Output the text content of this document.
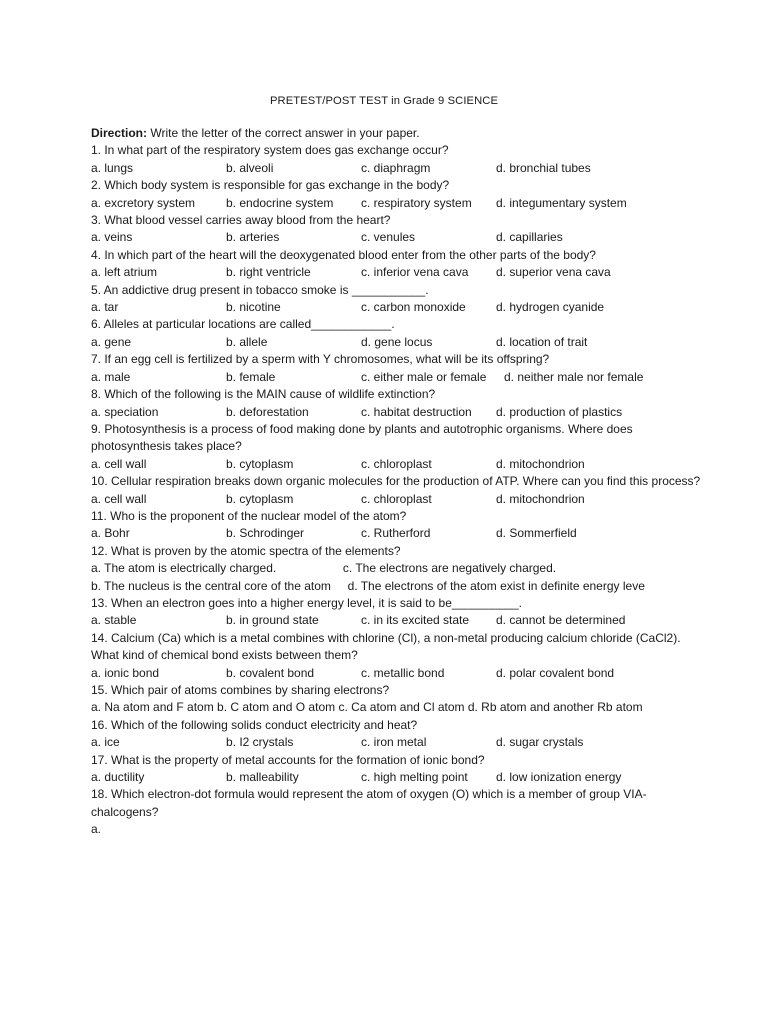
PRETEST/POST TEST in Grade 9 SCIENCE
Direction: Write the letter of the correct answer in your paper.
1. In what part of the respiratory system does gas exchange occur?
a. lungs	b. alveoli	c. diaphragm	d. bronchial tubes
2. Which body system is responsible for gas exchange in the body?
a. excretory system	b. endocrine system	c. respiratory system	d. integumentary system
3. What blood vessel carries away blood from the heart?
a. veins	b. arteries	c. venules	d. capillaries
4. In which part of the heart will the deoxygenated blood enter from the other parts of the body?
a. left atrium	b. right ventricle	c. inferior vena cava	d. superior vena cava
5. An addictive drug present in tobacco smoke is ___________.
a. tar	b. nicotine	c. carbon monoxide	d. hydrogen cyanide
6. Alleles at particular locations are called____________.
a. gene	b. allele	d. gene locus	d. location of trait
7. If an egg cell is fertilized by a sperm with Y chromosomes, what will be its offspring?
a. male	b. female	c. either male or female	d. neither male nor female
8. Which of the following is the MAIN cause of wildlife extinction?
a. speciation	b. deforestation	c. habitat destruction	d. production of plastics
9. Photosynthesis is a process of food making done by plants and autotrophic organisms. Where does photosynthesis takes place?
a. cell wall	b. cytoplasm	c. chloroplast	d. mitochondrion
10. Cellular respiration breaks down organic molecules for the production of ATP. Where can you find this process?
a. cell wall	b. cytoplasm	c. chloroplast	d. mitochondrion
11. Who is the proponent of the nuclear model of the atom?
a. Bohr	b. Schrodinger	c. Rutherford	d. Sommerfield
12. What is proven by the atomic spectra of the elements?
a. The atom is electrically charged.                    c. The electrons are negatively charged.
b. The nucleus is the central core of the atom     d. The electrons of the atom exist in definite energy leve
13. When an electron goes into a higher energy level, it is said to be__________.
a. stable	b. in ground state	c. in its excited state	d. cannot be determined
14. Calcium (Ca) which is a metal combines with chlorine (Cl), a non-metal producing calcium chloride (CaCl2). What kind of chemical bond exists between them?
a. ionic bond	b. covalent bond	c. metallic bond	d. polar covalent bond
15. Which pair of atoms combines by sharing electrons?
a. Na atom and F atom b. C atom and O atom c. Ca atom and Cl atom d. Rb atom and another Rb atom
16. Which of the following solids conduct electricity and heat?
a. ice	b. I2 crystals	c. iron metal	d. sugar crystals
17. What is the property of metal accounts for the formation of ionic bond?
a. ductility	b. malleability	c. high melting point	d. low ionization energy
18. Which electron-dot formula would represent the atom of oxygen (O) which is a member of group VIA-chalcogens?
a.
